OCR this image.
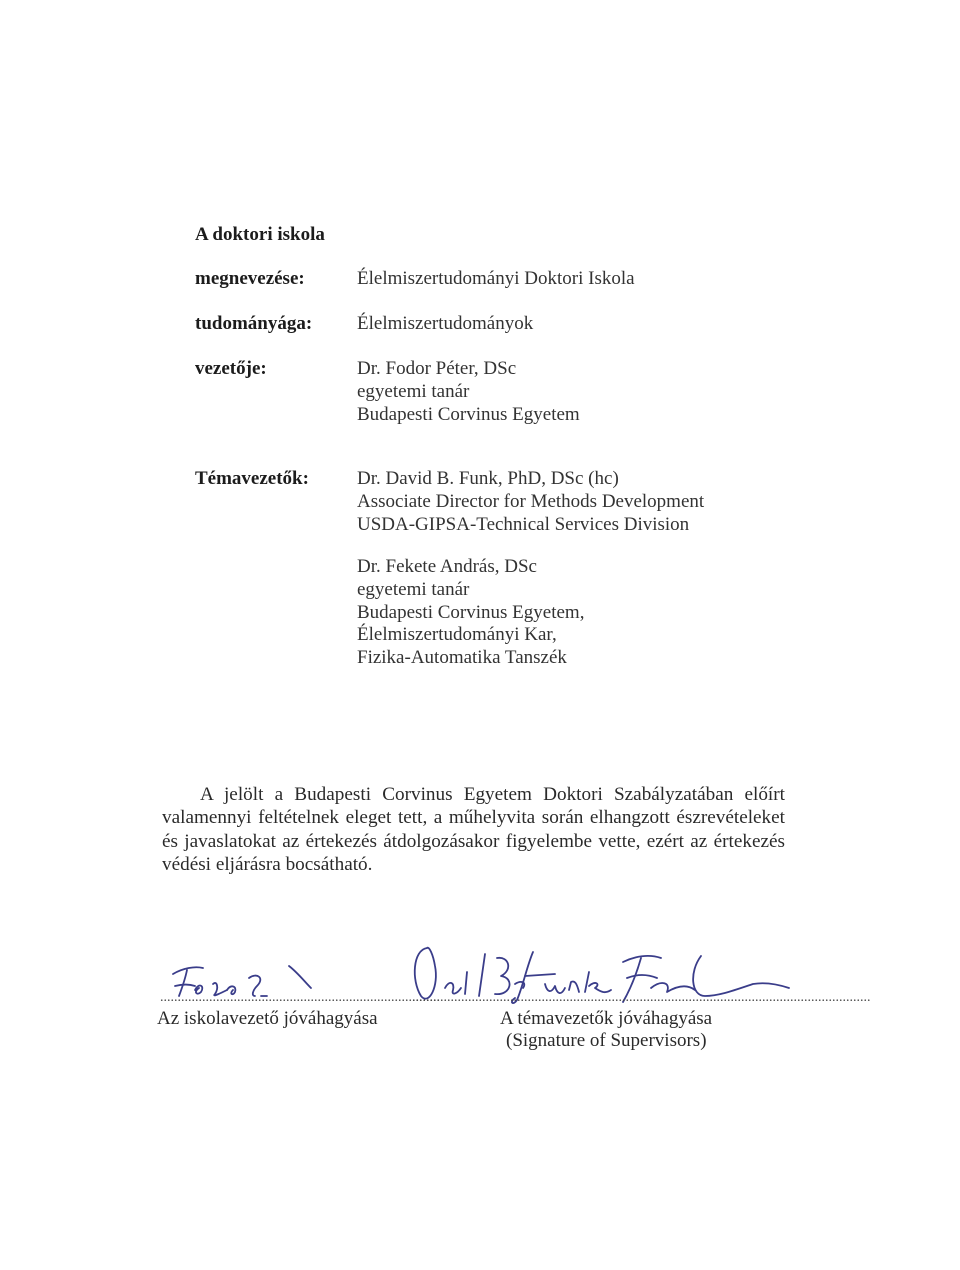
A doktori iskola
megnevezése:	Élelmiszertudományi Doktori Iskola
tudományága: Élelmiszertudományok
vezetője:	Dr. Fodor Péter, DSc
egyetemi tanár
Budapesti Corvinus Egyetem
Témavezetők:	Dr. David B. Funk, PhD, DSc (hc)
Associate Director for Methods Development
USDA-GIPSA-Technical Services Division
Dr. Fekete András, DSc
egyetemi tanár
Budapesti Corvinus Egyetem,
Élelmiszertudományi Kar,
Fizika-Automatika Tanszék
A jelölt a Budapesti Corvinus Egyetem Doktori Szabályzatában előírt valamennyi feltételnek eleget tett, a műhelyvita során elhangzott észrevételeket és javaslatokat az értekezés átdolgozásakor figyelembe vette, ezért az értekezés védési eljárásra bocsátható.
................................................................................
Az iskolavezető jóváhagyása
...................................................................................................................................
A témavezetők jóváhagyása
(Signature of Supervisors)
